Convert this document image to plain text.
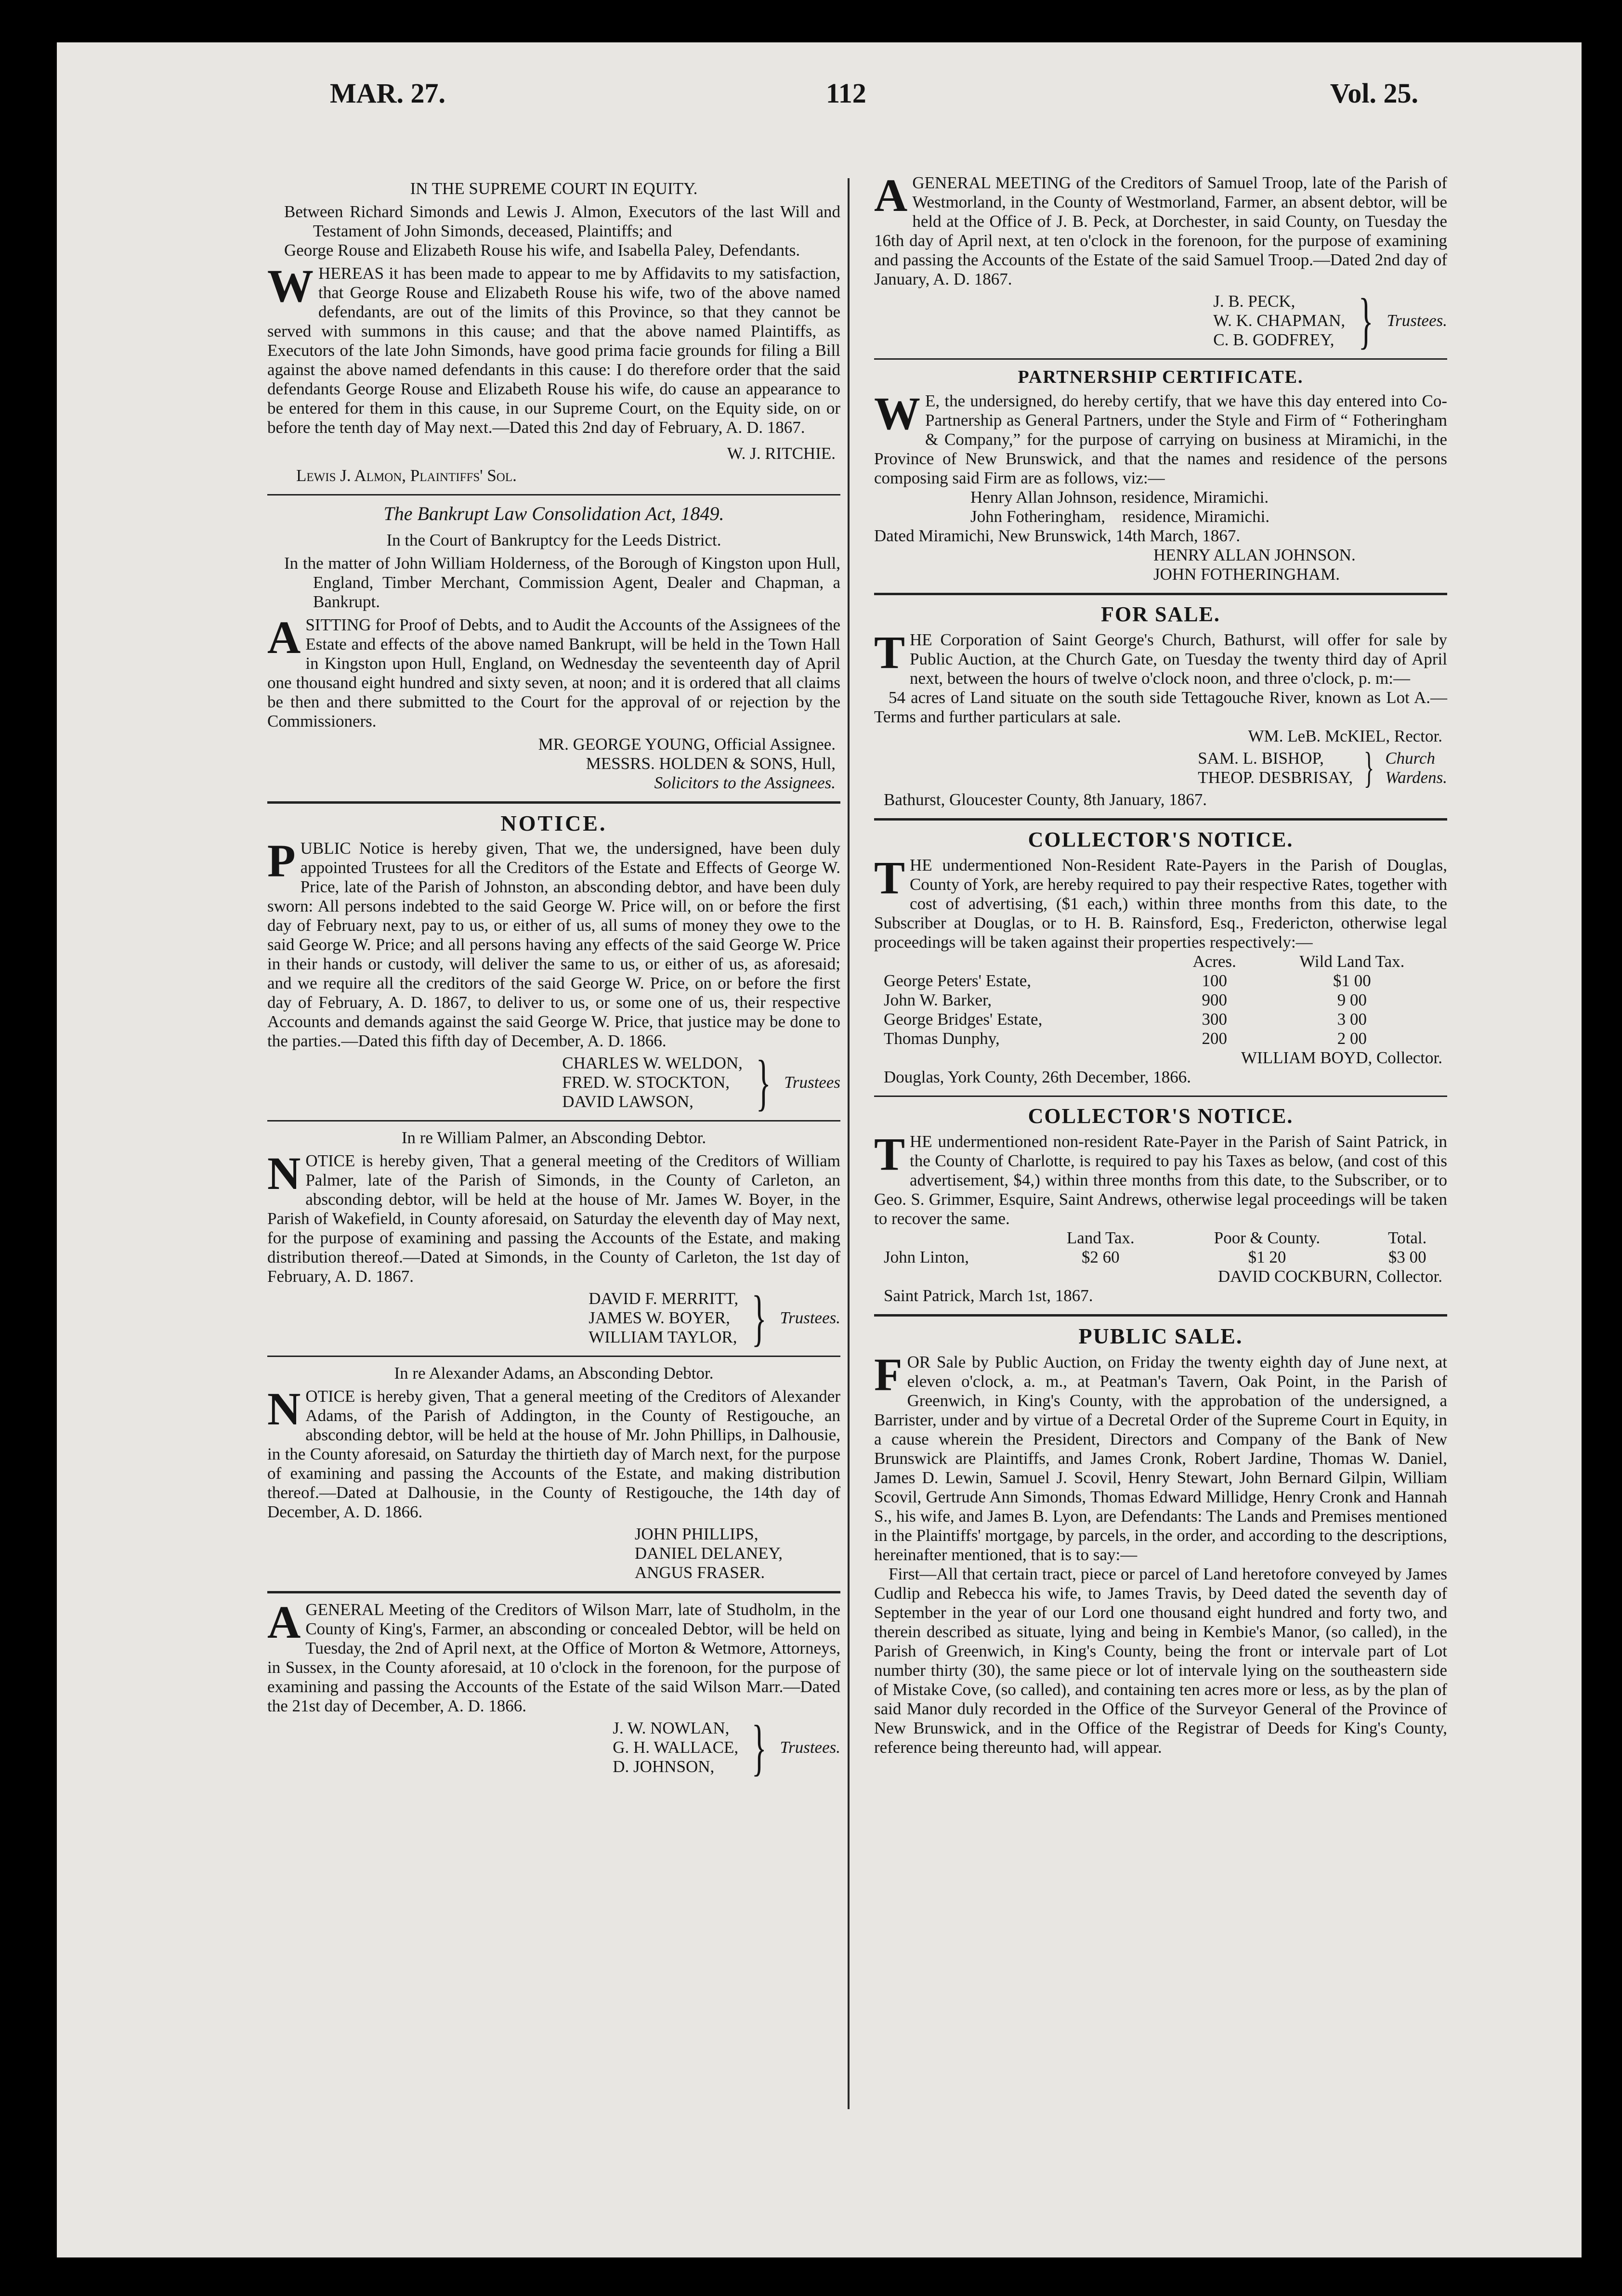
MAR. 27.	112	Vol. 25.
IN THE SUPREME COURT IN EQUITY.

Between Richard Simonds and Lewis J. Almon, Executors of the last Will and Testament of John Simonds, deceased, Plaintiffs; and

George Rouse and Elizabeth Rouse his wife, and Isabella Paley, Defendants.

WHEREAS it has been made to appear to me by Affidavits to my satisfaction, that George Rouse and Elizabeth Rouse his wife, two of the above named defendants, are out of the limits of this Province, so that they cannot be served with summons in this cause; and that the above named Plaintiffs, as Executors of the late John Simonds, have good prima facie grounds for filing a Bill against the above named defendants in this cause: I do therefore order that the said defendants George Rouse and Elizabeth Rouse his wife, do cause an appearance to be entered for them in this cause, in our Supreme Court, on the Equity side, on or before the tenth day of May next.—Dated this 2nd day of February, A. D. 1867.

W. J. RITCHIE.
Lewis J. Almon, Plaintiffs' Sol.
The Bankrupt Law Consolidation Act, 1849.
In the Court of Bankruptcy for the Leeds District.

In the matter of John William Holderness, of the Borough of Kingston upon Hull, England, Timber Merchant, Commission Agent, Dealer and Chapman, a Bankrupt.

ASITTING for Proof of Debts, and to Audit the Accounts of the Assignees of the Estate and effects of the above named Bankrupt, will be held in the Town Hall in Kingston upon Hull, England, on Wednesday the seventeenth day of April one thousand eight hundred and sixty seven, at noon; and it is ordered that all claims be then and there submitted to the Court for the approval of or rejection by the Commissioners.

MR. GEORGE YOUNG, Official Assignee.
MESSRS. HOLDEN & SONS, Hull,
Solicitors to the Assignees.
NOTICE.

PUBLIC Notice is hereby given, That we, the undersigned, have been duly appointed Trustees for all the Creditors of the Estate and Effects of George W. Price, late of the Parish of Johnston, an absconding debtor, and have been duly sworn: All persons indebted to the said George W. Price will, on or before the first day of February next, pay to us, or either of us, all sums of money they owe to the said George W. Price; and all persons having any effects of the said George W. Price in their hands or custody, will deliver the same to us, or either of us, as aforesaid; and we require all the creditors of the said George W. Price, on or before the first day of February, A. D. 1867, to deliver to us, or some one of us, their respective Accounts and demands against the said George W. Price, that justice may be done to the parties.—Dated this fifth day of December, A. D. 1866.

CHARLES W. WELDON,
FRED. W. STOCKTON,
DAVID LAWSON, } Trustees
In re William Palmer, an Absconding Debtor.

NOTICE is hereby given, That a general meeting of the Creditors of William Palmer, late of the Parish of Simonds, in the County of Carleton, an absconding debtor, will be held at the house of Mr. James W. Boyer, in the Parish of Wakefield, in County aforesaid, on Saturday the eleventh day of May next, for the purpose of examining and passing the Accounts of the Estate, and making distribution thereof.—Dated at Simonds, in the County of Carleton, the 1st day of February, A. D. 1867.

DAVID F. MERRITT,
JAMES W. BOYER,
WILLIAM TAYLOR, } Trustees.
In re Alexander Adams, an Absconding Debtor.

NOTICE is hereby given, That a general meeting of the Creditors of Alexander Adams, of the Parish of Addington, in the County of Restigouche, an absconding debtor, will be held at the house of Mr. John Phillips, in Dalhousie, in the County aforesaid, on Saturday the thirtieth day of March next, for the purpose of examining and passing the Accounts of the Estate, and making distribution thereof.—Dated at Dalhousie, in the County of Restigouche, the 14th day of December, A. D. 1866.

JOHN PHILLIPS,
DANIEL DELANEY,
ANGUS FRASER.

AGENERAL Meeting of the Creditors of Wilson Marr, late of Studholm, in the County of King's, Farmer, an absconding or concealed Debtor, will be held on Tuesday, the 2nd of April next, at the Office of Morton & Wetmore, Attorneys, in Sussex, in the County aforesaid, at 10 o'clock in the forenoon, for the purpose of examining and passing the Accounts of the Estate of the said Wilson Marr.—Dated the 21st day of December, A. D. 1866.

J. W. NOWLAN,
G. H. WALLACE,
D. JOHNSON, } Trustees.

AGENERAL MEETING of the Creditors of Samuel Troop, late of the Parish of Westmorland, in the County of Westmorland, Farmer, an absent debtor, will be held at the Office of J. B. Peck, at Dorchester, in said County, on Tuesday the 16th day of April next, at ten o'clock in the forenoon, for the purpose of examining and passing the Accounts of the Estate of the said Samuel Troop.—Dated 2nd day of January, A. D. 1867.

J. B. PECK,
W. K. CHAPMAN,
C. B. GODFREY, } Trustees.
PARTNERSHIP CERTIFICATE.

W E, the undersigned, do hereby certify, that we have this day entered into Co-Partnership as General Partners, under the Style and Firm of “ Fotheringham & Company,” for the purpose of carrying on business at Miramichi, in the Province of New Brunswick, and that the names and residence of the persons composing said Firm are as follows, viz:—

Henry Allan Johnson, residence, Miramichi.
John Fotheringham,    residence, Miramichi.
Dated Miramichi, New Brunswick, 14th March, 1867.
HENRY ALLAN JOHNSON.
JOHN FOTHERINGHAM.
FOR SALE.

THE Corporation of Saint George's Church, Bathurst, will offer for sale by Public Auction, at the Church Gate, on Tuesday the twenty third day of April next, between the hours of twelve o'clock noon, and three o'clock, p. m:—

54 acres of Land situate on the south side Tettagouche River, known as Lot A.—Terms and further particulars at sale.

WM. LeB. McKIEL, Rector.
SAM. L. BISHOP,
THEOP. DESBRISAY, } Church
Wardens.
Bathurst, Gloucester County, 8th January, 1867.
COLLECTOR'S NOTICE.

THE undermentioned Non-Resident Rate-Payers in the Parish of Douglas, County of York, are hereby required to pay their respective Rates, together with cost of advertising, ($1 each,) within three months from this date, to the Subscriber at Douglas, or to H. B. Rainsford, Esq., Fredericton, otherwise legal proceedings will be taken against their properties respectively:—

	Acres.	Wild Land Tax.
George Peters' Estate,	100	$1 00
John W. Barker,	900	9 00
George Bridges' Estate,	300	3 00
Thomas Dunphy,	200	2 00
WILLIAM BOYD, Collector.
Douglas, York County, 26th December, 1866.
COLLECTOR'S NOTICE.

THE undermentioned non-resident Rate-Payer in the Parish of Saint Patrick, in the County of Charlotte, is required to pay his Taxes as below, (and cost of this advertisement, $4,) within three months from this date, to the Subscriber, or to Geo. S. Grimmer, Esquire, Saint Andrews, otherwise legal proceedings will be taken to recover the same.

	Land Tax.	Poor & County.	Total.
John Linton,	$2 60	$1 20	$3 00
DAVID COCKBURN, Collector.
Saint Patrick, March 1st, 1867.
PUBLIC SALE.

FOR Sale by Public Auction, on Friday the twenty eighth day of June next, at eleven o'clock, a. m., at Peatman's Tavern, Oak Point, in the Parish of Greenwich, in King's County, with the approbation of the undersigned, a Barrister, under and by virtue of a Decretal Order of the Supreme Court in Equity, in a cause wherein the President, Directors and Company of the Bank of New Brunswick are Plaintiffs, and James Cronk, Robert Jardine, Thomas W. Daniel, James D. Lewin, Samuel J. Scovil, Henry Stewart, John Bernard Gilpin, William Scovil, Gertrude Ann Simonds, Thomas Edward Millidge, Henry Cronk and Hannah S., his wife, and James B. Lyon, are Defendants: The Lands and Premises mentioned in the Plaintiffs' mortgage, by parcels, in the order, and according to the descriptions, hereinafter mentioned, that is to say:—

First—All that certain tract, piece or parcel of Land heretofore conveyed by James Cudlip and Rebecca his wife, to James Travis, by Deed dated the seventh day of September in the year of our Lord one thousand eight hundred and forty two, and therein described as situate, lying and being in Kembie's Manor, (so called), in the Parish of Greenwich, in King's County, being the front or intervale part of Lot number thirty (30), the same piece or lot of intervale lying on the southeastern side of Mistake Cove, (so called), and containing ten acres more or less, as by the plan of said Manor duly recorded in the Office of the Surveyor General of the Province of New Brunswick, and in the Office of the Registrar of Deeds for King's County, reference being thereunto had, will appear.
